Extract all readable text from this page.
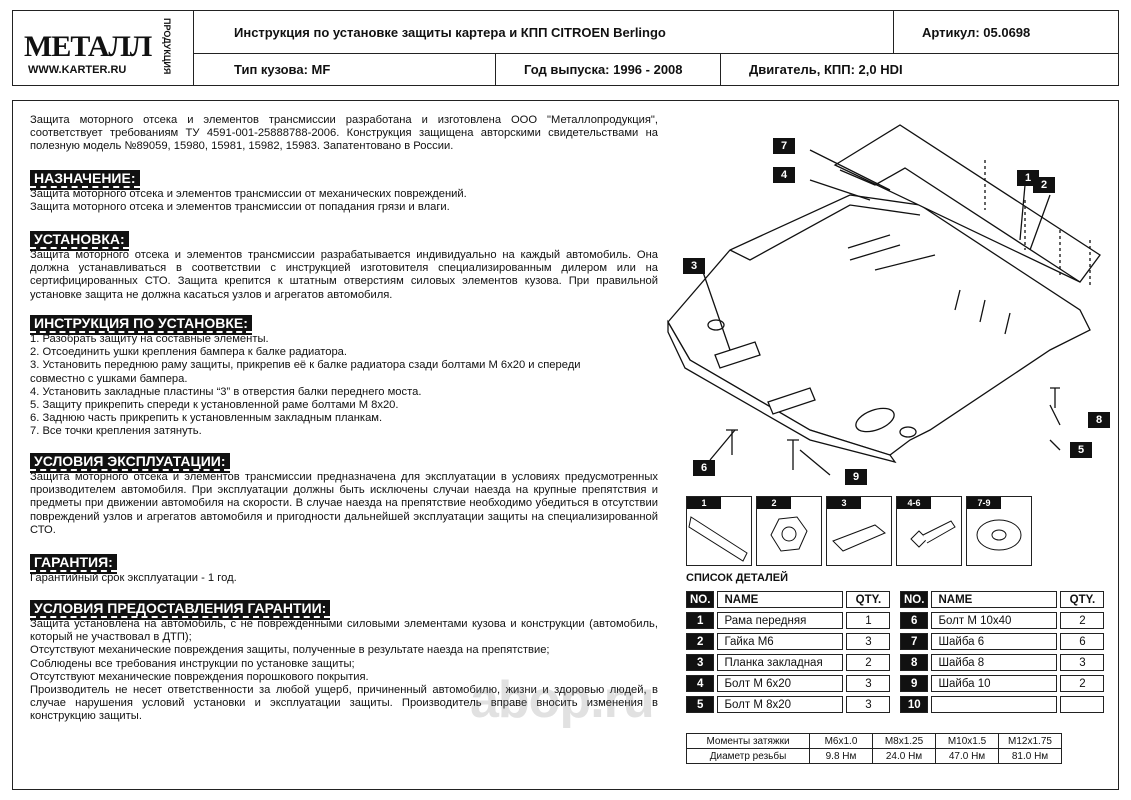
Инструкция по установке защиты картера и КПП CITROEN Berlingo	Артикул: 05.0698
Тип кузова: MF	Год выпуска: 1996 - 2008	Двигатель, КПП: 2,0 HDI
МЕТАЛЛ
WWW.KARTER.RU	ПРОДУКЦИЯ
Защита моторного отсека и элементов трансмиссии разработана и изготовлена ООО "Металлопродукция", соответствует требованиям ТУ 4591-001-25888788-2006. Конструкция защищена авторскими свидетельствами на полезную модель №89059, 15980, 15981, 15982, 15983. Запатентовано в России.
НАЗНАЧЕНИЕ:
Защита моторного отсека и элементов трансмиссии от механических повреждений.
Защита моторного отсека и элементов трансмиссии от попадания грязи и влаги.
УСТАНОВКА:
Защита моторного отсека и элементов трансмиссии разрабатывается индивидуально на каждый автомобиль. Она должна устанавливаться в соответствии с инструкцией изготовителя специализированным дилером или на сертифицированных СТО. Защита крепится к штатным отверстиям силовых элементов кузова. При правильной установке защита не должна касаться узлов и агрегатов автомобиля.
ИНСТРУКЦИЯ ПО УСТАНОВКЕ:
1. Разобрать защиту на составные элементы.
2. Отсоединить ушки крепления бампера к балке радиатора.
3. Установить переднюю раму защиты, прикрепив её к балке радиатора сзади болтами М 6х20 и спереди
совместно с ушками бампера.
4. Установить закладные пластины “3” в отверстия балки переднего моста.
5. Защиту прикрепить спереди к установленной раме болтами М 8х20.
6. Заднюю часть прикрепить к установленным закладным планкам.
7. Все точки крепления затянуть.
УСЛОВИЯ ЭКСПЛУАТАЦИИ:
Защита моторного отсека и элементов трансмиссии предназначена для эксплуатации в условиях предусмотренных производителем автомобиля. При эксплуатации должны быть исключены случаи наезда на крупные препятствия и предметы при движении автомобиля на скорости. В случае наезда на препятствие необходимо убедиться в отсутствии повреждений узлов и агрегатов автомобиля и пригодности дальнейшей эксплуатации защиты на специализированной СТО.
ГАРАНТИЯ:
Гарантийный срок эксплуатации - 1 год.
УСЛОВИЯ ПРЕДОСТАВЛЕНИЯ ГАРАНТИИ:
Защита установлена на автомобиль, с не поврежденными силовыми элементами кузова и конструкции (автомобиль, который не участвовал в ДТП);
Отсутствуют механические повреждения защиты, полученные в результате наезда на препятствие;
Соблюдены все требования инструкции по установке защиты;
Отсутствуют механические повреждения порошкового покрытия.
Производитель не несет ответственности за любой ущерб, причиненный автомобилю, жизни и здоровью людей, в случае нарушения условий установки и эксплуатации защиты. Производитель вправе вносить изменения в конструкцию защиты.
1
2
3
4
5
6
7
8
9
1	2	3	4-6	7-9
СПИСОК ДЕТАЛЕЙ
NO.	NAME	QTY.
1	Рама передняя	1
2	Гайка М6	3
3	Планка закладная	2
4	Болт М 6х20	3
5	Болт М 8х20	3
NO.	NAME	QTY.
6	Болт М 10х40	2
7	Шайба 6	6
8	Шайба 8	3
9	Шайба 10	2
10		
Моменты затяжки	М6х1.0	М8х1.25	М10х1.5	М12х1.75
Диаметр резьбы	9.8 Нм	24.0 Нм	47.0 Нм	81.0 Нм
abop.ru
